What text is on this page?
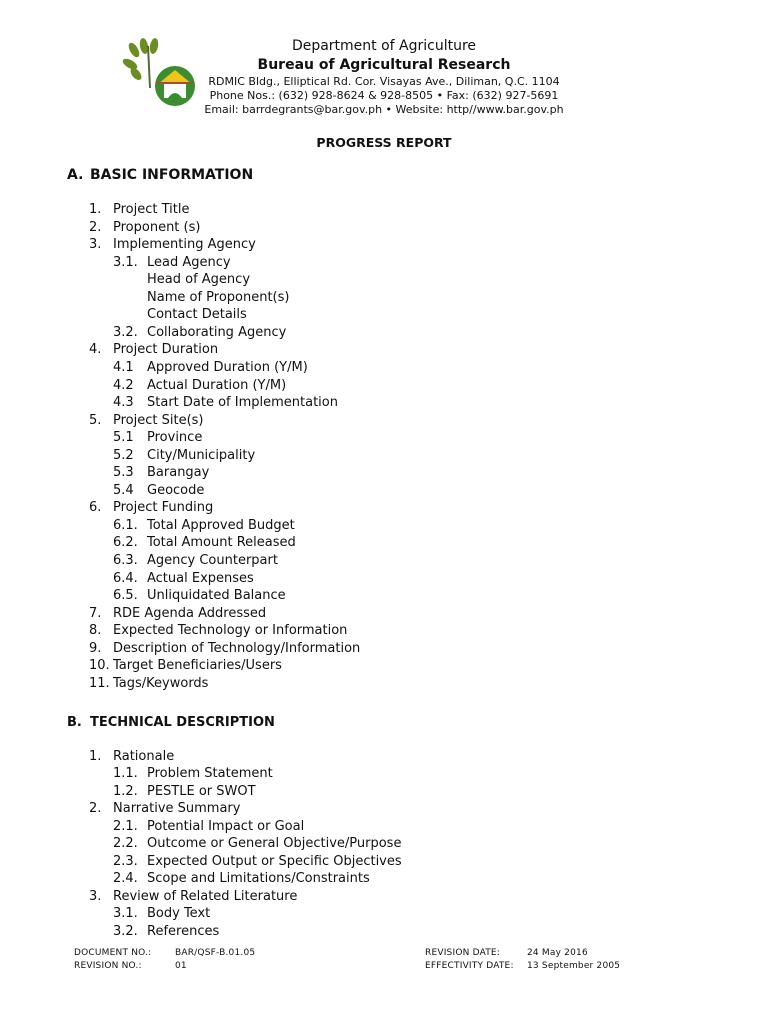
Department of Agriculture
Bureau of Agricultural Research
RDMIC Bldg., Elliptical Rd. Cor. Visayas Ave., Diliman, Q.C. 1104
Phone Nos.: (632) 928-8624 & 928-8505 • Fax: (632) 927-5691
Email: barrdegrants@bar.gov.ph • Website: http//www.bar.gov.ph
PROGRESS REPORT
A. BASIC INFORMATION
1. Project Title
2. Proponent (s)
3. Implementing Agency
3.1. Lead Agency
Head of Agency
Name of Proponent(s)
Contact Details
3.2. Collaborating Agency
4. Project Duration
4.1 Approved Duration (Y/M)
4.2 Actual Duration (Y/M)
4.3 Start Date of Implementation
5. Project Site(s)
5.1 Province
5.2 City/Municipality
5.3 Barangay
5.4 Geocode
6. Project Funding
6.1. Total Approved Budget
6.2. Total Amount Released
6.3. Agency Counterpart
6.4. Actual Expenses
6.5. Unliquidated Balance
7. RDE Agenda Addressed
8. Expected Technology or Information
9. Description of Technology/Information
10. Target Beneficiaries/Users
11. Tags/Keywords
B. TECHNICAL DESCRIPTION
1. Rationale
1.1. Problem Statement
1.2. PESTLE or SWOT
2. Narrative Summary
2.1. Potential Impact or Goal
2.2. Outcome or General Objective/Purpose
2.3. Expected Output or Specific Objectives
2.4. Scope and Limitations/Constraints
3. Review of Related Literature
3.1. Body Text
3.2. References
DOCUMENT NO.:	BAR/QSF-B.01.05
REVISION NO.:	01
REVISION DATE:	24 May 2016
EFFECTIVITY DATE: 13 September 2005
